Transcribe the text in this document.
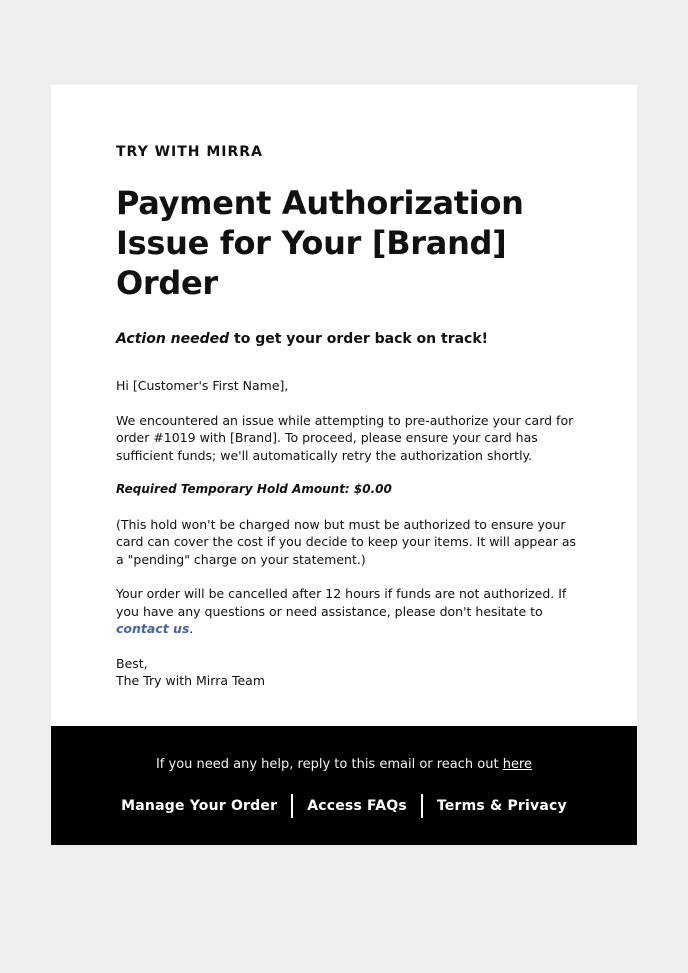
TRY WITH MIRRA
Payment Authorization Issue for Your [Brand] Order
Action needed to get your order back on track!

Hi [Customer's First Name],

We encountered an issue while attempting to pre-authorize your card for order #1019 with [Brand]. To proceed, please ensure your card has sufficient funds; we'll automatically retry the authorization shortly.

Required Temporary Hold Amount: $0.00

(This hold won't be charged now but must be authorized to ensure your card can cover the cost if you decide to keep your items. It will appear as a "pending" charge on your statement.)

Your order will be cancelled after 12 hours if funds are not authorized. If you have any questions or need assistance, please don't hesitate to contact us.

Best,
The Try with Mirra Team

If you need any help, reply to this email or reach out here
Manage Your Order	Access FAQs	Terms & Privacy
